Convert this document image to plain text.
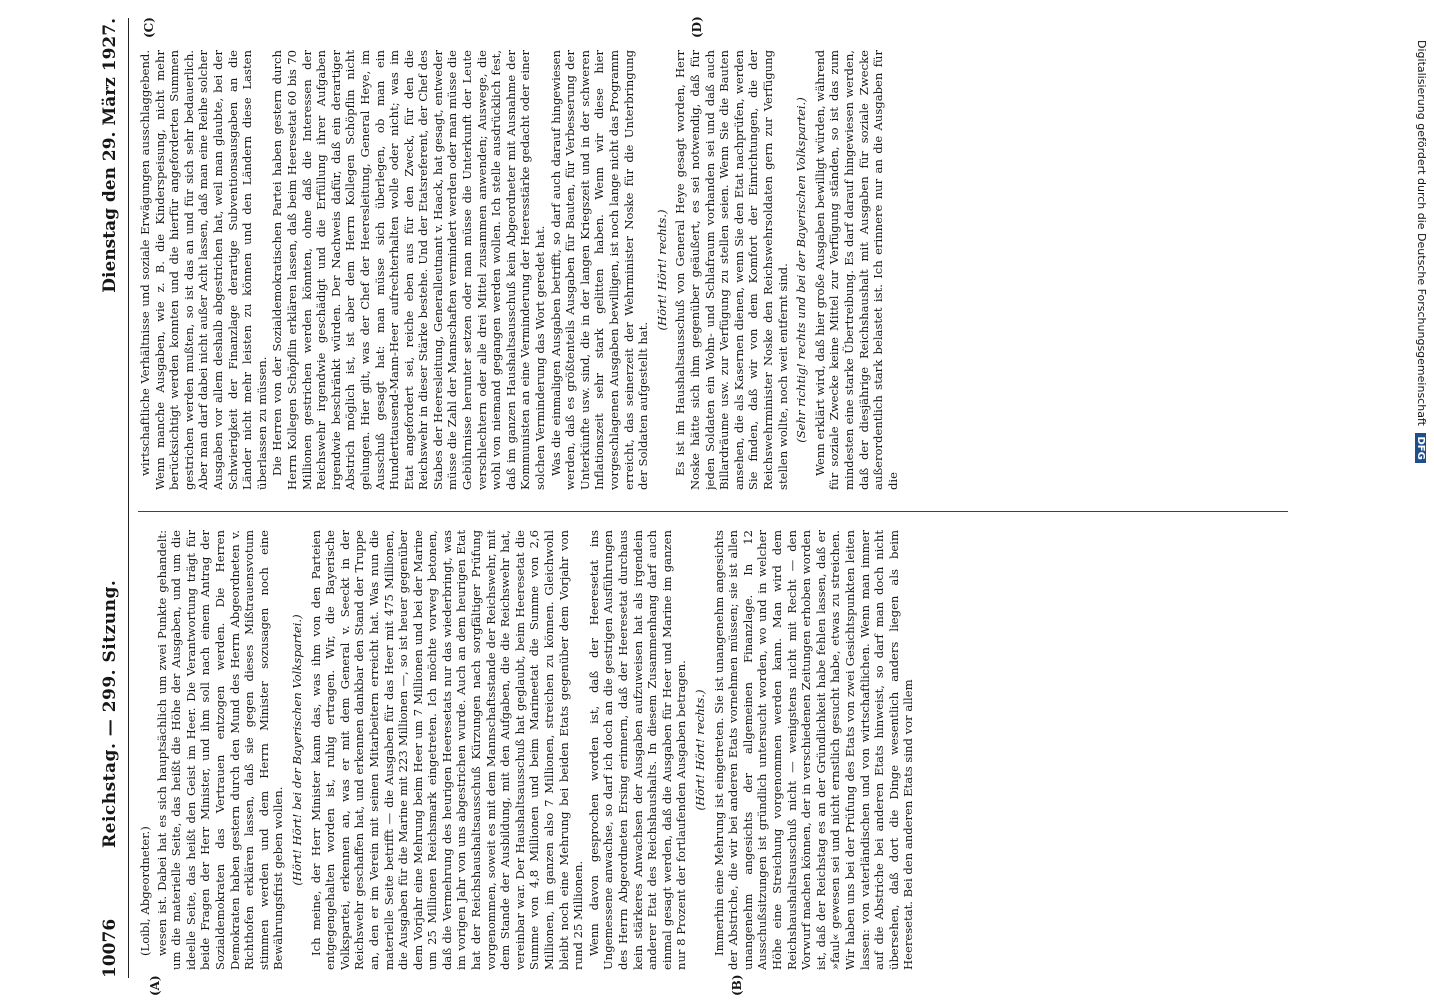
10076
Reichstag. — 299. Sitzung.
Dienstag den 29. März 1927.
(A)	(B)
(C)	(D)

(Loibl, Abgeordneter.) wesen ist. Dabei hat es sich hauptsächlich um zwei Punkte gehandelt: um die materielle Seite, das heißt die Höhe der Ausgaben, und um die ideelle Seite, das heißt den Geist im Heer. Die Verantwortung trägt für beide Fragen der Herr Minister, und ihm soll nach einem Antrag der Sozialdemokraten das Vertrauen entzogen werden. Die Herren Demokraten haben gestern durch den Mund des Herrn Abgeordneten v. Richthofen erklären lassen, daß sie gegen dieses Mißtrauensvotum stimmen werden und dem Herrn Minister sozusagen noch eine Bewährungsfrist geben wollen. (Hört! Hört! bei der Bayerischen Volkspartei.) Ich meine, der Herr Minister kann das, was ihm von den Parteien entgegengehalten worden ist, ruhig ertragen. Wir, die Bayerische Volkspartei, erkennen an, was er mit dem General v. Seeckt in der Reichswehr geschaffen hat, und erkennen dankbar den Stand der Truppe an, den er im Verein mit seinen Mitarbeitern erreicht hat. Was nun die materielle Seite betrifft — die Ausgaben für das Heer mit 475 Millionen, die Ausgaben für die Marine mit 223 Millionen —, so ist heuer gegenüber dem Vorjahr eine Mehrung beim Heer um 7 Millionen und bei der Marine um 25 Millionen Reichsmark eingetreten. Ich möchte vorweg betonen, daß die Vermehrung des heurigen Heeresetats nur das wiederbringt, was im vorigen Jahr von uns abgestrichen wurde. Auch an dem heurigen Etat hat der Reichshaushaltsausschuß Kürzungen nach sorgfältiger Prüfung vorgenommen, soweit es mit dem Mannschaftsstande der Reichswehr, mit dem Stande der Ausbildung, mit den Aufgaben, die die Reichswehr hat, vereinbar war. Der Haushaltsausschuß hat geglaubt, beim Heeresetat die Summe von 4,8 Millionen und beim Marineetat die Summe von 2,6 Millionen, im ganzen also 7 Millionen, streichen zu können. Gleichwohl bleibt noch eine Mehrung bei beiden Etats gegenüber dem Vorjahr von rund 25 Millionen. Wenn davon gesprochen worden ist, daß der Heeresetat ins Ungemessene anwachse, so darf ich doch an die gestrigen Ausführungen des Herrn Abgeordneten Ersing erinnern, daß der Heeresetat durchaus kein stärkeres Anwachsen der Ausgaben aufzuweisen hat als irgendein anderer Etat des Reichshaushalts. In diesem Zusammenhang darf auch einmal gesagt werden, daß die Ausgaben für Heer und Marine im ganzen nur 8 Prozent der fortlaufenden Ausgaben betragen. (Hört! Hört! rechts.) Immerhin eine Mehrung ist eingetreten. Sie ist unangenehm angesichts der Abstriche, die wir bei anderen Etats vornehmen müssen; sie ist allen unangenehm angesichts der allgemeinen Finanzlage. In 12 Ausschußsitzungen ist gründlich untersucht worden, wo und in welcher Höhe eine Streichung vorgenommen werden kann. Man wird dem Reichshaushaltsausschuß nicht — wenigstens nicht mit Recht — den Vorwurf machen können, der in verschiedenen Zeitungen erhoben worden ist, daß der Reichstag es an der Gründlichkeit habe fehlen lassen, daß er »faul« gewesen sei und nicht ernstlich gesucht habe, etwas zu streichen. Wir haben uns bei der Prüfung des Etats von zwei Gesichtspunkten leiten lassen: von vaterländischen und von wirtschaftlichen. Wenn man immer auf die Abstriche bei anderen Etats hinweist, so darf man doch nicht übersehen, daß dort die Dinge wesentlich anders liegen als beim Heeresetat. Bei den anderen Etats sind vor allem

wirtschaftliche Verhältnisse und soziale Erwägungen ausschlaggebend. Wenn manche Ausgaben, wie z. B. die Kinderspeisung, nicht mehr berücksichtigt werden konnten und die hierfür angeforderten Summen gestrichen werden mußten, so ist das an und für sich sehr bedauerlich. Aber man darf dabei nicht außer Acht lassen, daß man eine Reihe solcher Ausgaben vor allem deshalb abgestrichen hat, weil man glaubte, bei der Schwierigkeit der Finanzlage derartige Subventionsausgaben an die Länder nicht mehr leisten zu können und den Ländern diese Lasten überlassen zu müssen. Die Herren von der Sozialdemokratischen Partei haben gestern durch Herrn Kollegen Schöpflin erklären lassen, daß beim Heeresetat 60 bis 70 Millionen gestrichen werden könnten, ohne daß die Interessen der Reichswehr irgendwie geschädigt und die Erfüllung ihrer Aufgaben irgendwie beschränkt würden. Der Nachweis dafür, daß ein derartiger Abstrich möglich ist, ist aber dem Herrn Kollegen Schöpflin nicht gelungen. Hier gilt, was der Chef der Heeresleitung, General Heye, im Ausschuß gesagt hat: man müsse sich überlegen, ob man ein Hunderttausend-Mann-Heer aufrechterhalten wolle oder nicht; was im Etat angefordert sei, reiche eben aus für den Zweck, für den die Reichswehr in dieser Stärke bestehe. Und der Etatsreferent, der Chef des Stabes der Heeresleitung, Generalleutnant v. Haack, hat gesagt, entweder müsse die Zahl der Mannschaften vermindert werden oder man müsse die Gebührnisse herunter setzen oder man müsse die Unterkunft der Leute verschlechtern oder alle drei Mittel zusammen anwenden; Auswege, die wohl von niemand gegangen werden wollen. Ich stelle ausdrücklich fest, daß im ganzen Haushaltsausschuß kein Abgeordneter mit Ausnahme der Kommunisten an eine Verminderung der Heeresstärke gedacht oder einer solchen Verminderung das Wort geredet hat. Was die einmaligen Ausgaben betrifft, so darf auch darauf hingewiesen werden, daß es größtenteils Ausgaben für Bauten, für Verbesserung der Unterkünfte usw. sind, die in der langen Kriegszeit und in der schweren Inflationszeit sehr stark gelitten haben. Wenn wir diese hier vorgeschlagenen Ausgaben bewilligen, ist noch lange nicht das Programm erreicht, das seinerzeit der Wehrminister Noske für die Unterbringung der Soldaten aufgestellt hat.

(Hört! Hört! rechts.) Es ist im Haushaltsausschuß von General Heye gesagt worden, Herr Noske hätte sich ihm gegenüber geäußert, es sei notwendig, daß für jeden Soldaten ein Wohn- und Schlafraum vorhanden sei und daß auch Billardräume usw. zur Verfügung zu stellen seien. Wenn Sie die Bauten ansehen, die als Kasernen dienen, wenn Sie den Etat nachprüfen, werden Sie finden, daß wir von dem Komfort der Einrichtungen, die der Reichswehrminister Noske den Reichswehrsoldaten gern zur Verfügung stellen wollte, noch weit entfernt sind. (Sehr richtig! rechts und bei der Bayerischen Volkspartei.) Wenn erklärt wird, daß hier große Ausgaben bewilligt würden, während für soziale Zwecke keine Mittel zur Verfügung ständen, so ist das zum mindesten eine starke Übertreibung. Es darf darauf hingewiesen werden, daß der diesjährige Reichshaushalt mit Ausgaben für soziale Zwecke außerordentlich stark belastet ist. Ich erinnere nur an die Ausgaben für die

Digitalisierung gefördert durch die Deutsche Forschungsgemeinschaft DFG
